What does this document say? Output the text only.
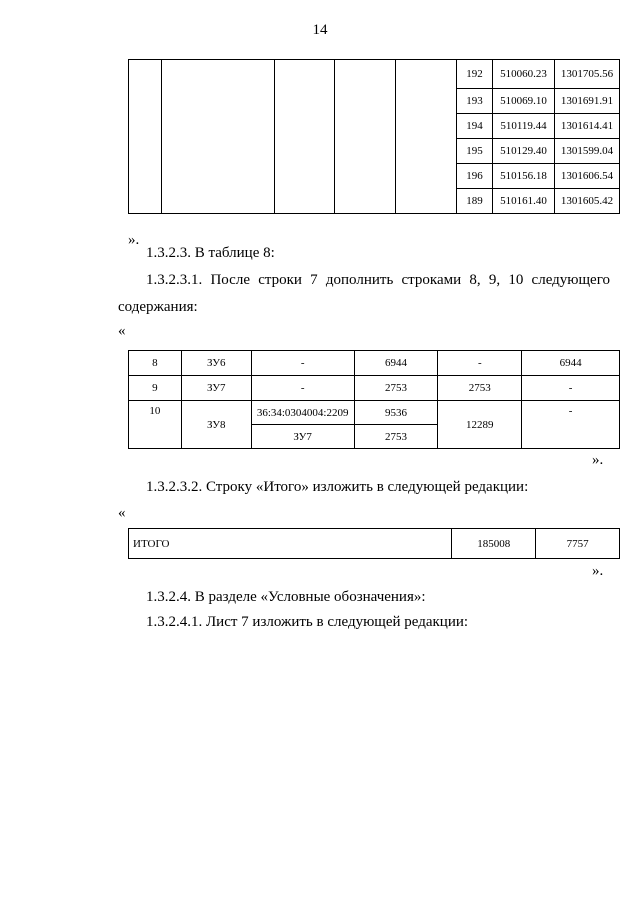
14
					192	510060.23	1301705.56
					193	510069.10	1301691.91
					194	510119.44	1301614.41
					195	510129.40	1301599.04
					196	510156.18	1301606.54
					189	510161.40	1301605.42
».
1.3.2.3. В таблице 8:
1.3.2.3.1. После строки 7 дополнить строками 8, 9, 10 следующего
содержания:
«
8	ЗУ6	-	6944	-	6944
9	ЗУ7	-	2753	2753	-
10	ЗУ8	36:34:0304004:2209	9536	12289	-
		ЗУ7	2753		
».
1.3.2.3.2. Строку «Итого» изложить в следующей редакции:
«
ИТОГО	185008	7757
».
1.3.2.4. В разделе «Условные обозначения»:
1.3.2.4.1. Лист 7 изложить в следующей редакции:
